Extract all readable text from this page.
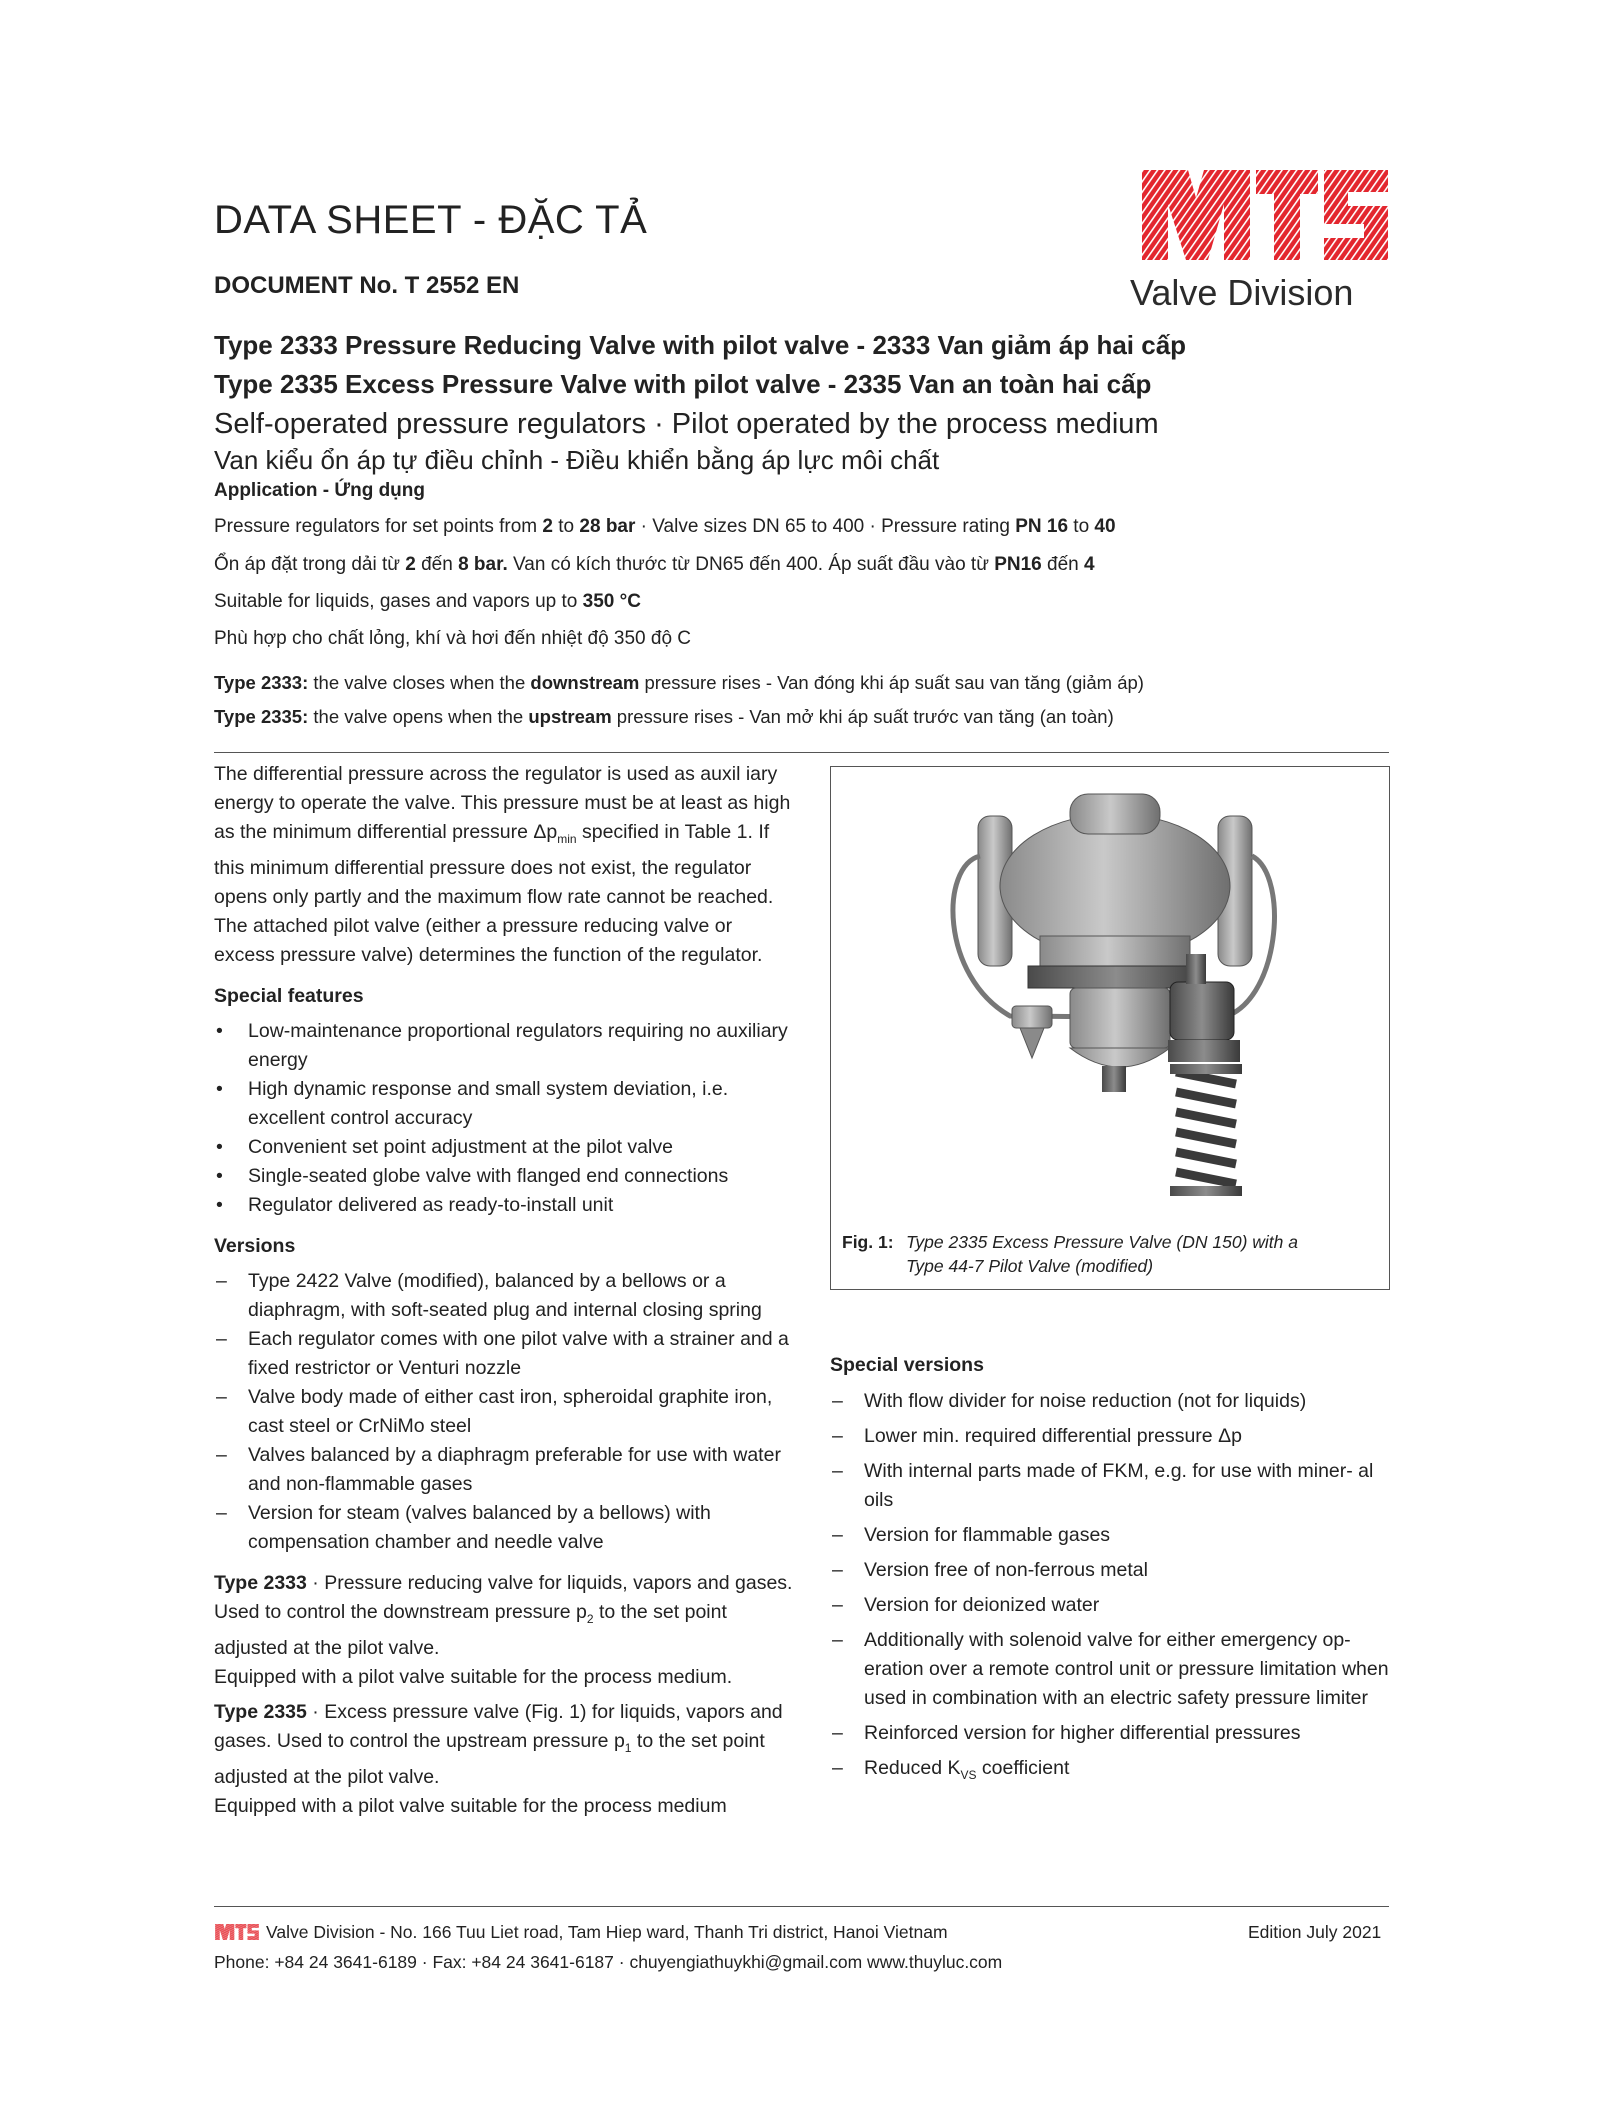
DATA SHEET - ĐẶC TẢ
DOCUMENT No. T 2552 EN	Valve Division
Type 2333 Pressure Reducing Valve with pilot valve - 2333 Van giảm áp hai cấp
Type 2335 Excess Pressure Valve with pilot valve - 2335 Van an toàn hai cấp
Self-operated pressure regulators · Pilot operated by the process medium
Van kiểu ổn áp tự điều chỉnh - Điều khiển bằng áp lực môi chất
Application - Ứng dụng
Pressure regulators for set points from 2 to 28 bar · Valve sizes DN 65 to 400 · Pressure rating PN 16 to 40
Ổn áp đặt trong dải từ 2 đến 8 bar. Van có kích thước từ DN65 đến 400. Áp suất đầu vào từ PN16 đến 4
Suitable for liquids, gases and vapors up to 350 °C
Phù hợp cho chất lỏng, khí và hơi đến nhiệt độ 350 độ C
Type 2333: the valve closes when the downstream pressure rises - Van đóng khi áp suất sau van tăng (giảm áp)
Type 2335: the valve opens when the upstream pressure rises - Van mở khi áp suất trước van tăng (an toàn)

The differential pressure across the regulator is used as auxil iary energy to operate the valve. This pressure must be at least as high as the minimum differential pressure $\Delta p_{min}$ specified in Table 1. If this minimum differential pressure does not exist, the regulator opens only partly and the maximum flow rate cannot be reached.

The attached pilot valve (either a pressure reducing valve or excess pressure valve) determines the function of the regulator.

Special features
• Low-maintenance proportional regulators requiring no auxiliary energy
• High dynamic response and small system deviation, i.e. excellent control accuracy
• Convenient set point adjustment at the pilot valve
• Single-seated globe valve with flanged end connections
• Regulator delivered as ready-to-install unit
Versions
– Type 2422 Valve (modified), balanced by a bellows or a diaphragm, with soft-seated plug and internal closing spring
– Each regulator comes with one pilot valve with a strainer and a fixed restrictor or Venturi nozzle
– Valve body made of either cast iron, spheroidal graphite iron, cast steel or CrNiMo steel
– Valves balanced by a diaphragm preferable for use with water and non-flammable gases
– Version for steam (valves balanced by a bellows) with compensation chamber and needle valve

Type 2333 · Pressure reducing valve for liquids, vapors and gases. Used to control the downstream pressure $p_2$ to the set point adjusted at the pilot valve.

Equipped with a pilot valve suitable for the process medium.

Type 2335 · Excess pressure valve (Fig. 1) for liquids, vapors and gases. Used to control the upstream pressure $p_1$ to the set point adjusted at the pilot valve.

Equipped with a pilot valve suitable for the process medium

Fig. 1: Type 2335 Excess Pressure Valve (DN 150) with a
Type 44-7 Pilot Valve (modified)
Special versions
– With flow divider for noise reduction (not for liquids)
– Lower min. required differential pressure Δp
– With internal parts made of FKM, e.g. for use with miner- al oils
– Version for flammable gases
– Version free of non-ferrous metal
– Version for deionized water
– Additionally with solenoid valve for either emergency op- eration over a remote control unit or pressure limitation when used in combination with an electric safety pressure limiter
– Reinforced version for higher differential pressures
– Reduced $K_{VS}$ coefficient
Valve Division - No. 166 Tuu Liet road, Tam Hiep ward, Thanh Tri district, Hanoi Vietnam
Phone: +84 24 3641-6189 · Fax: +84 24 3641-6187 · chuyengiathuykhi@gmail.com www.thuyluc.com
Edition July 2021
